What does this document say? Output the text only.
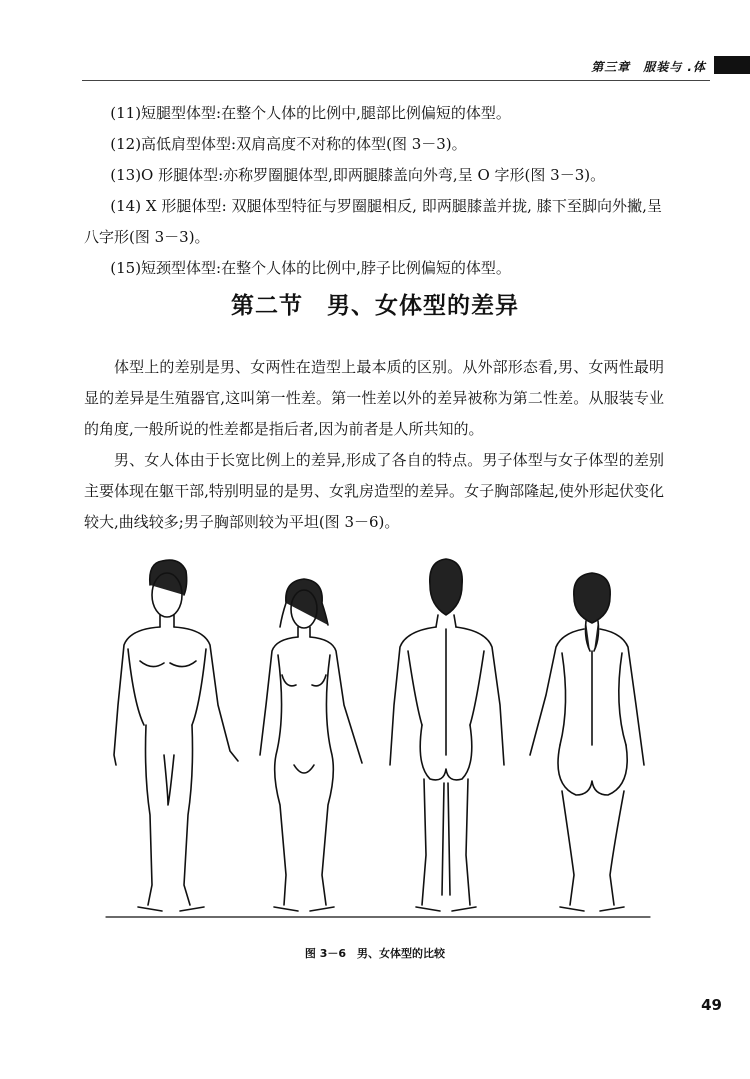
第三章　服装与 .体

(11)短腿型体型:在整个人体的比例中,腿部比例偏短的体型。

(12)高低肩型体型:双肩高度不对称的体型(图 3－3)。

(13)O 形腿体型:亦称罗圈腿体型,即两腿膝盖向外弯,呈 O 字形(图 3－3)。

(14) X 形腿体型: 双腿体型特征与罗圈腿相反, 即两腿膝盖并拢, 膝下至脚向外撇,呈八字形(图 3－3)。

(15)短颈型体型:在整个人体的比例中,脖子比例偏短的体型。

第二节　男、女体型的差异

体型上的差别是男、女两性在造型上最本质的区别。从外部形态看,男、女两性最明显的差异是生殖器官,这叫第一性差。第一性差以外的差异被称为第二性差。从服装专业的角度,一般所说的性差都是指后者,因为前者是人所共知的。

男、女人体由于长宽比例上的差异,形成了各自的特点。男子体型与女子体型的差别主要体现在躯干部,特别明显的是男、女乳房造型的差异。女子胸部隆起,使外形起伏变化较大,曲线较多;男子胸部则较为平坦(图 3－6)。

图 3－6　男、女体型的比较
49
